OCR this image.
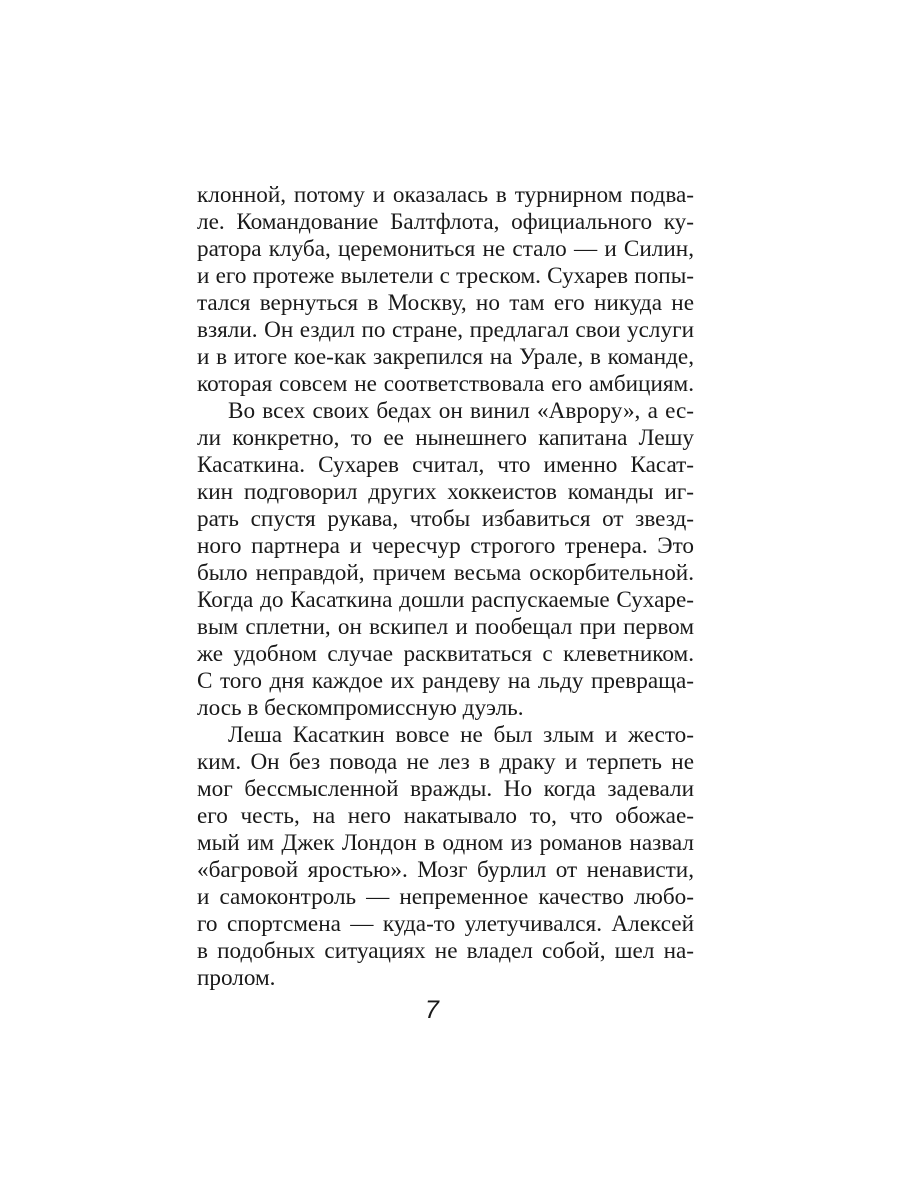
клонной, потому и оказалась в турнирном подва-
ле. Командование Балтфлота, официального ку-
ратора клуба, церемониться не стало — и Силин,
и его протеже вылетели с треском. Сухарев попы-
тался вернуться в Москву, но там его никуда не
взяли. Он ездил по стране, предлагал свои услуги
и в итоге кое-как закрепился на Урале, в команде,
которая совсем не соответствовала его амбициям.
Во всех своих бедах он винил «Аврору», а ес-
ли конкретно, то ее нынешнего капитана Лешу
Касаткина. Сухарев считал, что именно Касат-
кин подговорил других хоккеистов команды иг-
рать спустя рукава, чтобы избавиться от звезд-
ного партнера и чересчур строгого тренера. Это
было неправдой, причем весьма оскорбительной.
Когда до Касаткина дошли распускаемые Сухаре-
вым сплетни, он вскипел и пообещал при первом
же удобном случае расквитаться с клеветником.
С того дня каждое их рандеву на льду превраща-
лось в бескомпромиссную дуэль.
Леша Касаткин вовсе не был злым и жесто-
ким. Он без повода не лез в драку и терпеть не
мог бессмысленной вражды. Но когда задевали
его честь, на него накатывало то, что обожае-
мый им Джек Лондон в одном из романов назвал
«багровой яростью». Мозг бурлил от ненависти,
и самоконтроль — непременное качество любо-
го спортсмена — куда-то улетучивался. Алексей
в подобных ситуациях не владел собой, шел на-
пролом.
7
